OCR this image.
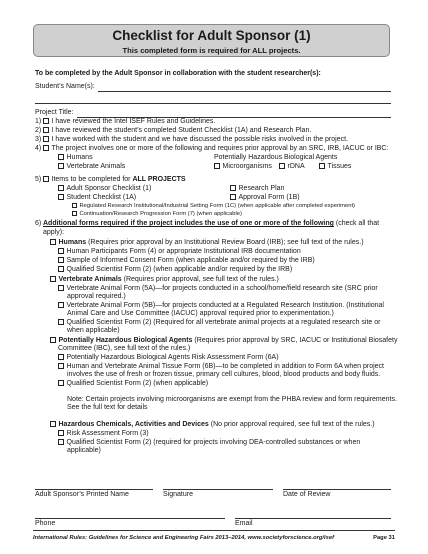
Checklist for Adult Sponsor (1)
This completed form is required for ALL projects.
To be completed by the Adult Sponsor in collaboration with the student researcher(s):
Student’s Name(s):
Project Title:
1) I have reviewed the Intel ISEF Rules and Guidelines.
2) I have reviewed the student’s completed Student Checklist (1A) and Research Plan.
3) I have worked with the student and we have discussed the possible risks involved in the project.
4) The project involves one or more of the following and requires prior approval by an SRC, IRB, IACUC or IBC:
Humans	Potentially Hazardous Biological Agents
Vertebrate Animals	Microorganisms	rDNA	Tissues
5) Items to be completed for ALL PROJECTS
Adult Sponsor Checklist (1)	Research Plan
Student Checklist (1A)	Approval Form (1B)
Regulated Research Institutional/Industrial Setting Form (1C) (when applicable after completed experiment)
Continuation/Research Progression Form (7) (when applicable)
6) Additional forms required if the project includes the use of one or more of the following (check all that
apply):
Humans (Requires prior approval by an Institutional Review Board (IRB); see full text of the rules.)
Human Participants Form (4) or appropriate Institutional IRB documentation
Sample of Informed Consent Form (when applicable and/or required by the IRB)
Qualified Scientist Form (2) (when applicable and/or required by the IRB)
Vertebrate Animals (Requires prior approval, see full text of the rules.)
Vertebrate Animal Form (5A)—for projects conducted in a school/home/field research site (SRC prior
approval required.)
Vertebrate Animal Form (5B)—for projects conducted at a Regulated Research Institution. (Institutional
Animal Care and Use Committee (IACUC) approval required prior to experimentation.)
Qualified Scientist Form (2) (Required for all vertebrate animal projects at a regulated research site or
when applicable)
Potentially Hazardous Biological Agents (Requires prior approval by SRC, IACUC or Institutional Biosafety
Committee (IBC), see full text of the rules.)
Potentially Hazardous Biological Agents Risk Assessment Form (6A)
Human and Vertebrate Animal Tissue Form (6B)—to be completed in addition to Form 6A when project
involves the use of fresh or frozen tissue, primary cell cultures, blood, blood products and body fluids.
Qualified Scientist Form (2) (when applicable)
Note: Certain projects involving microorganisms are exempt from the PHBA review and form requirements.
See the full text for details
Hazardous Chemicals, Activities and Devices (No prior approval required, see full text of the rules.)
Risk Assessment Form (3)
Qualified Scientist Form (2) (required for projects involving DEA-controlled substances or when
applicable)
Adult Sponsor’s Printed Name	Signature	Date of Review
Phone	Email
International Rules: Guidelines for Science and Engineering Fairs 2013–2014, www.societyforscience.org/isef	Page 31
